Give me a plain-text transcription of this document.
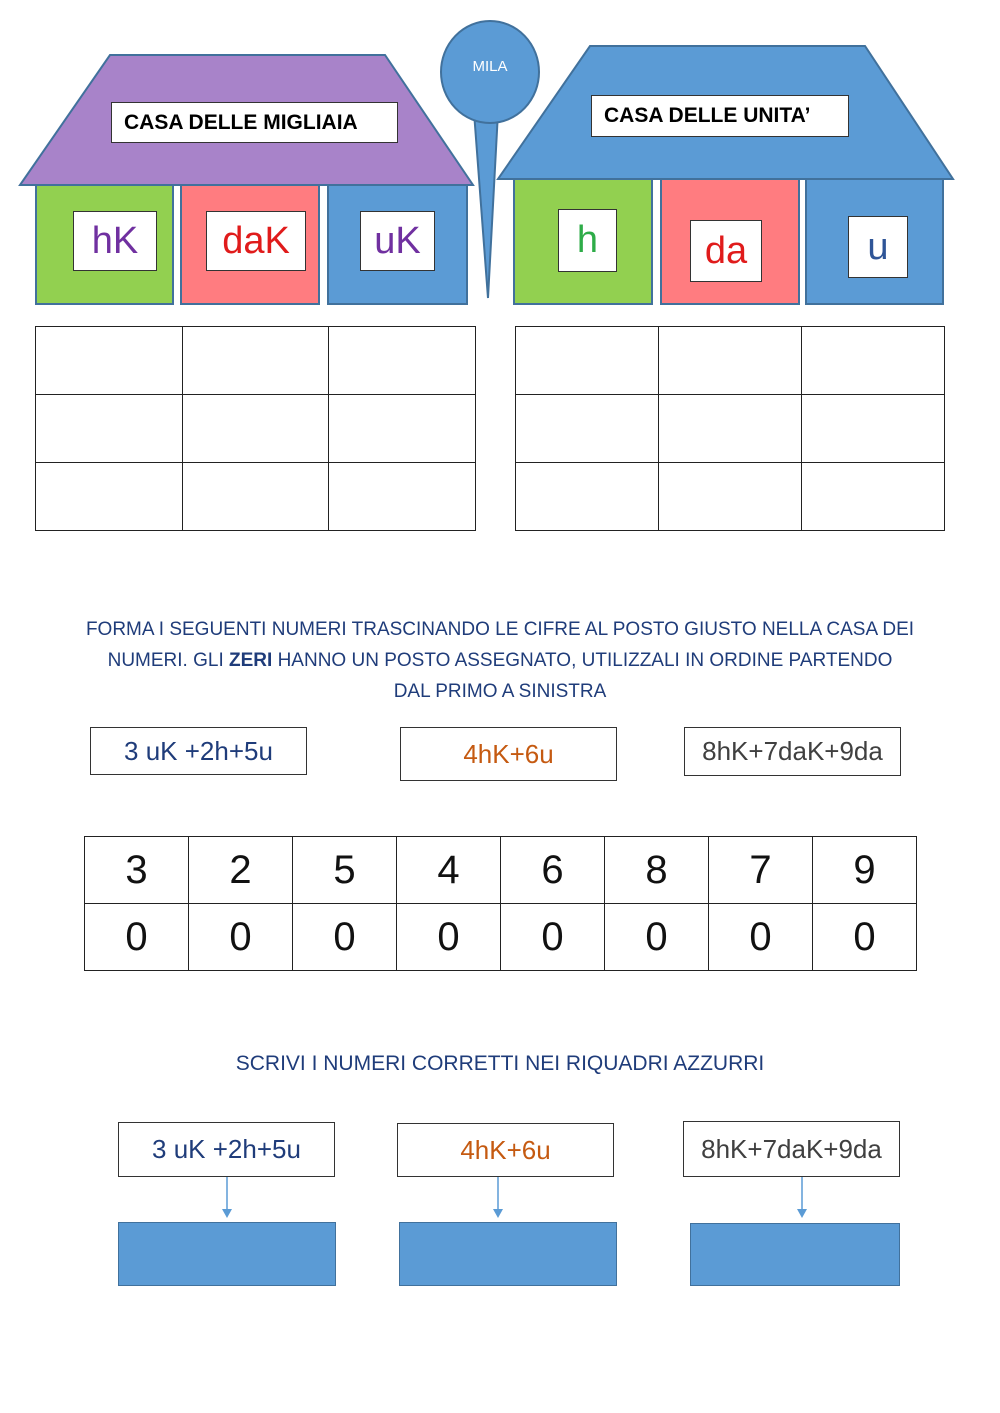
MILA
CASA DELLE MIGLIAIA	CASA DELLE UNITA’
hK	daK	uK	h	da	u

FORMA I SEGUENTI NUMERI TRASCINANDO LE CIFRE AL POSTO GIUSTO NELLA CASA DEI
NUMERI. GLI ZERI HANNO UN POSTO ASSEGNATO, UTILIZZALI IN ORDINE PARTENDO
DAL PRIMO A SINISTRA
3 uK +2h+5u	4hK+6u	8hK+7daK+9da
3	2	5	4	6	8	7	9
0	0	0	0	0	0	0	0
SCRIVI I NUMERI CORRETTI NEI RIQUADRI AZZURRI
3 uK +2h+5u	4hK+6u	8hK+7daK+9da
